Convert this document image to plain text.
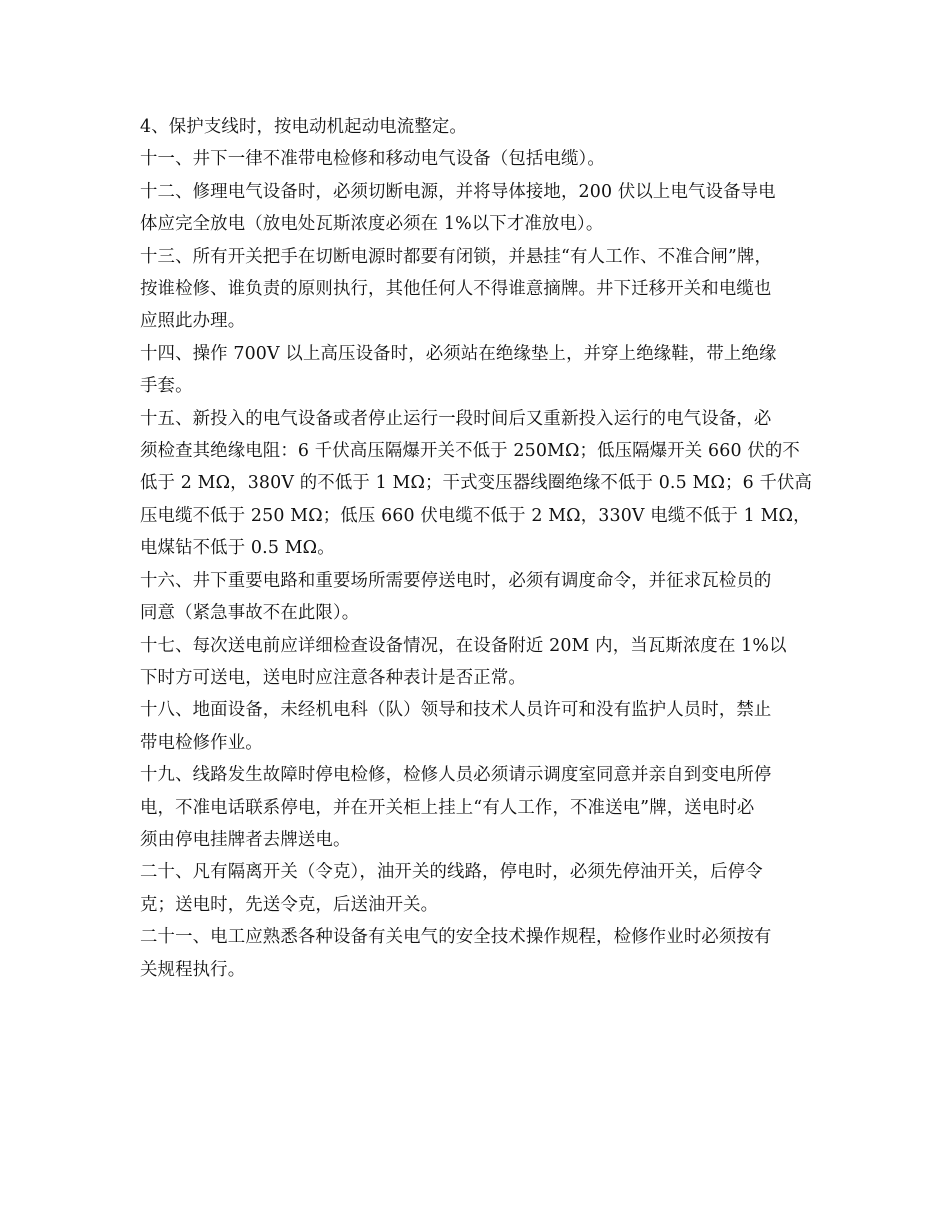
4、保护支线时，按电动机起动电流整定。

十一、井下一律不准带电检修和移动电气设备（包括电缆）。

十二、修理电气设备时，必须切断电源，并将导体接地，200 伏以上电气设备导电
体应完全放电（放电处瓦斯浓度必须在 1%以下才准放电）。

十三、所有开关把手在切断电源时都要有闭锁，并悬挂“有人工作、不准合闸”牌，
按谁检修、谁负责的原则执行，其他任何人不得谁意摘牌。井下迁移开关和电缆也
应照此办理。

十四、操作 700V 以上高压设备时，必须站在绝缘垫上，并穿上绝缘鞋，带上绝缘
手套。

十五、新投入的电气设备或者停止运行一段时间后又重新投入运行的电气设备，必
须检查其绝缘电阻：6 千伏高压隔爆开关不低于 250MΩ；低压隔爆开关 660 伏的不
低于 2 MΩ，380V 的不低于 1 MΩ；干式变压器线圈绝缘不低于 0.5 MΩ；6 千伏高
压电缆不低于 250 MΩ；低压 660 伏电缆不低于 2 MΩ，330V 电缆不低于 1 MΩ，
电煤钻不低于 0.5 MΩ。

十六、井下重要电路和重要场所需要停送电时，必须有调度命令，并征求瓦检员的
同意（紧急事故不在此限）。

十七、每次送电前应详细检查设备情况，在设备附近 20M 内，当瓦斯浓度在 1%以
下时方可送电，送电时应注意各种表计是否正常。

十八、地面设备，未经机电科（队）领导和技术人员许可和没有监护人员时，禁止
带电检修作业。

十九、线路发生故障时停电检修，检修人员必须请示调度室同意并亲自到变电所停
电，不准电话联系停电，并在开关柜上挂上“有人工作，不准送电”牌，送电时必
须由停电挂牌者去牌送电。

二十、凡有隔离开关（令克），油开关的线路，停电时，必须先停油开关，后停令
克；送电时，先送令克，后送油开关。

二十一、电工应熟悉各种设备有关电气的安全技术操作规程，检修作业时必须按有
关规程执行。
